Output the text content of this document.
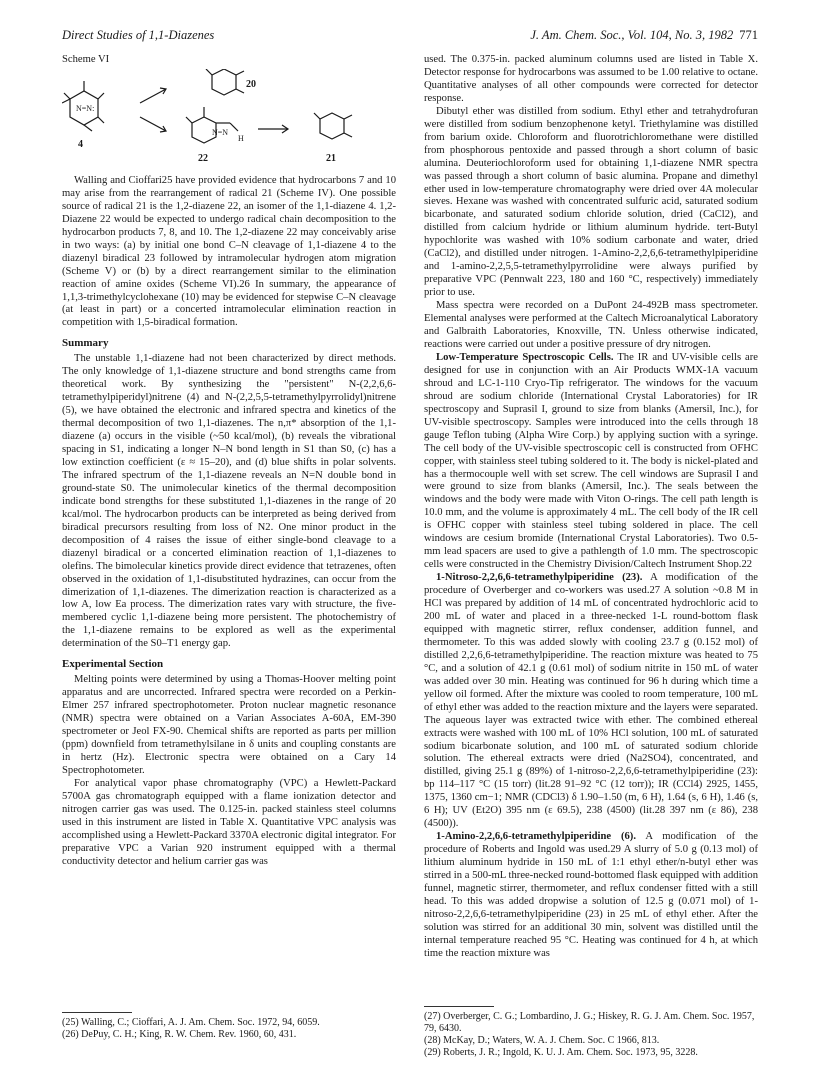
Direct Studies of 1,1-Diazenes	J. Am. Chem. Soc., Vol. 104, No. 3, 1982 771
Scheme VI
N=N:
N=N
H
4
20
22	21

Walling and Cioffari25 have provided evidence that hydrocarbons 7 and 10 may arise from the rearrangement of radical 21 (Scheme IV). One possible source of radical 21 is the 1,2-diazene 22, an isomer of the 1,1-diazene 4. 1,2-Diazene 22 would be expected to undergo radical chain decomposition to the hydrocarbon products 7, 8, and 10. The 1,2-diazene 22 may conceivably arise in two ways: (a) by initial one bond C–N cleavage of 1,1-diazene 4 to the diazenyl biradical 23 followed by intramolecular hydrogen atom migration (Scheme V) or (b) by a direct rearrangement similar to the elimination reaction of amine oxides (Scheme VI).26 In summary, the appearance of 1,1,3-trimethylcyclohexane (10) may be evidenced for stepwise C–N cleavage (at least in part) or a concerted intramolecular elimination reaction in competition with 1,5-biradical formation.

Summary

The unstable 1,1-diazene had not been characterized by direct methods. The only knowledge of 1,1-diazene structure and bond strengths came from theoretical work. By synthesizing the "persistent" N-(2,2,6,6-tetramethylpiperidyl)nitrene (4) and N-(2,2,5,5-tetramethylpyrrolidyl)nitrene (5), we have obtained the electronic and infrared spectra and kinetics of the thermal decomposition of two 1,1-diazenes. The n,π* absorption of the 1,1-diazene (a) occurs in the visible (~50 kcal/mol), (b) reveals the vibrational spacing in S1, indicating a longer N–N bond length in S1 than S0, (c) has a low extinction coefficient (ε ≈ 15–20), and (d) blue shifts in polar solvents. The infrared spectrum of the 1,1-diazene reveals an N=N double bond in ground-state S0. The unimolecular kinetics of the thermal decomposition indicate bond strengths for these substituted 1,1-diazenes in the range of 20 kcal/mol. The hydrocarbon products can be interpreted as being derived from biradical precursors resulting from loss of N2. One minor product in the decomposition of 4 raises the issue of either single-bond cleavage to a diazenyl biradical or a concerted elimination reaction of 1,1-diazenes to olefins. The bimolecular kinetics provide direct evidence that tetrazenes, often observed in the oxidation of 1,1-disubstituted hydrazines, can occur from the dimerization of 1,1-diazenes. The dimerization reaction is characterized as a low A, low Ea process. The dimerization rates vary with structure, the five-membered cyclic 1,1-diazene being more persistent. The photochemistry of the 1,1-diazene remains to be explored as well as the experimental determination of the S0–T1 energy gap.

Experimental Section

Melting points were determined by using a Thomas-Hoover melting point apparatus and are uncorrected. Infrared spectra were recorded on a Perkin-Elmer 257 infrared spectrophotometer. Proton nuclear magnetic resonance (NMR) spectra were obtained on a Varian Associates A-60A, EM-390 spectrometer or Jeol FX-90. Chemical shifts are reported as parts per million (ppm) downfield from tetramethylsilane in δ units and coupling constants are in hertz (Hz). Electronic spectra were obtained on a Cary 14 Spectrophotometer.

For analytical vapor phase chromatography (VPC) a Hewlett-Packard 5700A gas chromatograph equipped with a flame ionization detector and nitrogen carrier gas was used. The 0.125-in. packed stainless steel columns used in this instrument are listed in Table X. Quantitative VPC analysis was accomplished using a Hewlett-Packard 3370A electronic digital integrator. For preparative VPC a Varian 920 instrument equipped with a thermal conductivity detector and helium carrier gas was

(25) Walling, C.; Cioffari, A. J. Am. Chem. Soc. 1972, 94, 6059.

(26) DePuy, C. H.; King, R. W. Chem. Rev. 1960, 60, 431.

used. The 0.375-in. packed aluminum columns used are listed in Table X. Detector response for hydrocarbons was assumed to be 1.00 relative to octane. Quantitative analyses of all other compounds were corrected for detector response.

Dibutyl ether was distilled from sodium. Ethyl ether and tetrahydrofuran were distilled from sodium benzophenone ketyl. Triethylamine was distilled from barium oxide. Chloroform and fluorotrichloromethane were distilled from phosphorous pentoxide and passed through a short column of basic alumina. Deuteriochloroform used for obtaining 1,1-diazene NMR spectra was passed through a short column of basic alumina. Propane and dimethyl ether used in low-temperature chromatography were dried over 4A molecular sieves. Hexane was washed with concentrated sulfuric acid, saturated sodium bicarbonate, and saturated sodium chloride solution, dried (CaCl2), and distilled from calcium hydride or lithium aluminum hydride. tert-Butyl hypochlorite was washed with 10% sodium carbonate and water, dried (CaCl2), and distilled under nitrogen. 1-Amino-2,2,6,6-tetramethylpiperidine and 1-amino-2,2,5,5-tetramethylpyrrolidine were always purified by preparative VPC (Pennwalt 223, 180 and 160 °C, respectively) immediately prior to use.

Mass spectra were recorded on a DuPont 24-492B mass spectrometer. Elemental analyses were performed at the Caltech Microanalytical Laboratory and Galbraith Laboratories, Knoxville, TN. Unless otherwise indicated, reactions were carried out under a positive pressure of dry nitrogen.

Low-Temperature Spectroscopic Cells. The IR and UV-visible cells are designed for use in conjunction with an Air Products WMX-1A vacuum shroud and LC-1-110 Cryo-Tip refrigerator. The windows for the vacuum shroud are sodium chloride (International Crystal Laboratories) for IR spectroscopy and Suprasil I, ground to size from blanks (Amersil, Inc.), for UV-visible spectroscopy. Samples were introduced into the cells through 18 gauge Teflon tubing (Alpha Wire Corp.) by applying suction with a syringe. The cell body of the UV-visible spectroscopic cell is constructed from OFHC copper, with stainless steel tubing soldered to it. The body is nickel-plated and has a thermocouple well with set screw. The cell windows are Suprasil I and were ground to size from blanks (Amersil, Inc.). The seals between the windows and the body were made with Viton O-rings. The cell path length is 10.0 mm, and the volume is approximately 4 mL. The cell body of the IR cell is OFHC copper with stainless steel tubing soldered in place. The cell windows are cesium bromide (International Crystal Laboratories). Two 0.5-mm lead spacers are used to give a pathlength of 1.0 mm. The spectroscopic cells were constructed in the Chemistry Division/Caltech Instrument Shop.22

1-Nitroso-2,2,6,6-tetramethylpiperidine (23). A modification of the procedure of Overberger and co-workers was used.27 A solution ~0.8 M in HCl was prepared by addition of 14 mL of concentrated hydrochloric acid to 200 mL of water and placed in a three-necked 1-L round-bottom flask equipped with magnetic stirrer, reflux condenser, addition funnel, and thermometer. To this was added slowly with cooling 23.7 g (0.152 mol) of distilled 2,2,6,6-tetramethylpiperidine. The reaction mixture was heated to 75 °C, and a solution of 42.1 g (0.61 mol) of sodium nitrite in 150 mL of water was added over 30 min. Heating was continued for 96 h during which time a yellow oil formed. After the mixture was cooled to room temperature, 100 mL of ethyl ether was added to the reaction mixture and the layers were separated. The aqueous layer was extracted twice with ether. The combined ethereal extracts were washed with 100 mL of 10% HCl solution, 100 mL of saturated sodium bicarbonate solution, and 100 mL of saturated sodium chloride solution. The ethereal extracts were dried (Na2SO4), concentrated, and distilled, giving 25.1 g (89%) of 1-nitroso-2,2,6,6-tetramethylpiperidine (23): bp 114–117 °C (15 torr) (lit.28 91–92 °C (12 torr)); IR (CCl4) 2925, 1455, 1375, 1360 cm−1; NMR (CDCl3) δ 1.90–1.50 (m, 6 H), 1.64 (s, 6 H), 1.46 (s, 6 H); UV (Et2O) 395 nm (ε 69.5), 238 (4500) (lit.28 397 nm (ε 86), 238 (4500)).

1-Amino-2,2,6,6-tetramethylpiperidine (6). A modification of the procedure of Roberts and Ingold was used.29 A slurry of 5.0 g (0.13 mol) of lithium aluminum hydride in 150 mL of 1:1 ethyl ether/n-butyl ether was stirred in a 500-mL three-necked round-bottomed flask equipped with addition funnel, magnetic stirrer, thermometer, and reflux condenser fitted with a still head. To this was added dropwise a solution of 12.5 g (0.071 mol) of 1-nitroso-2,2,6,6-tetramethylpiperidine (23) in 25 mL of ethyl ether. After the solution was stirred for an additional 30 min, solvent was distilled until the internal temperature reached 95 °C. Heating was continued for 4 h, at which time the reaction mixture was

(27) Overberger, C. G.; Lombardino, J. G.; Hiskey, R. G. J. Am. Chem. Soc. 1957, 79, 6430.

(28) McKay, D.; Waters, W. A. J. Chem. Soc. C 1966, 813.

(29) Roberts, J. R.; Ingold, K. U. J. Am. Chem. Soc. 1973, 95, 3228.
